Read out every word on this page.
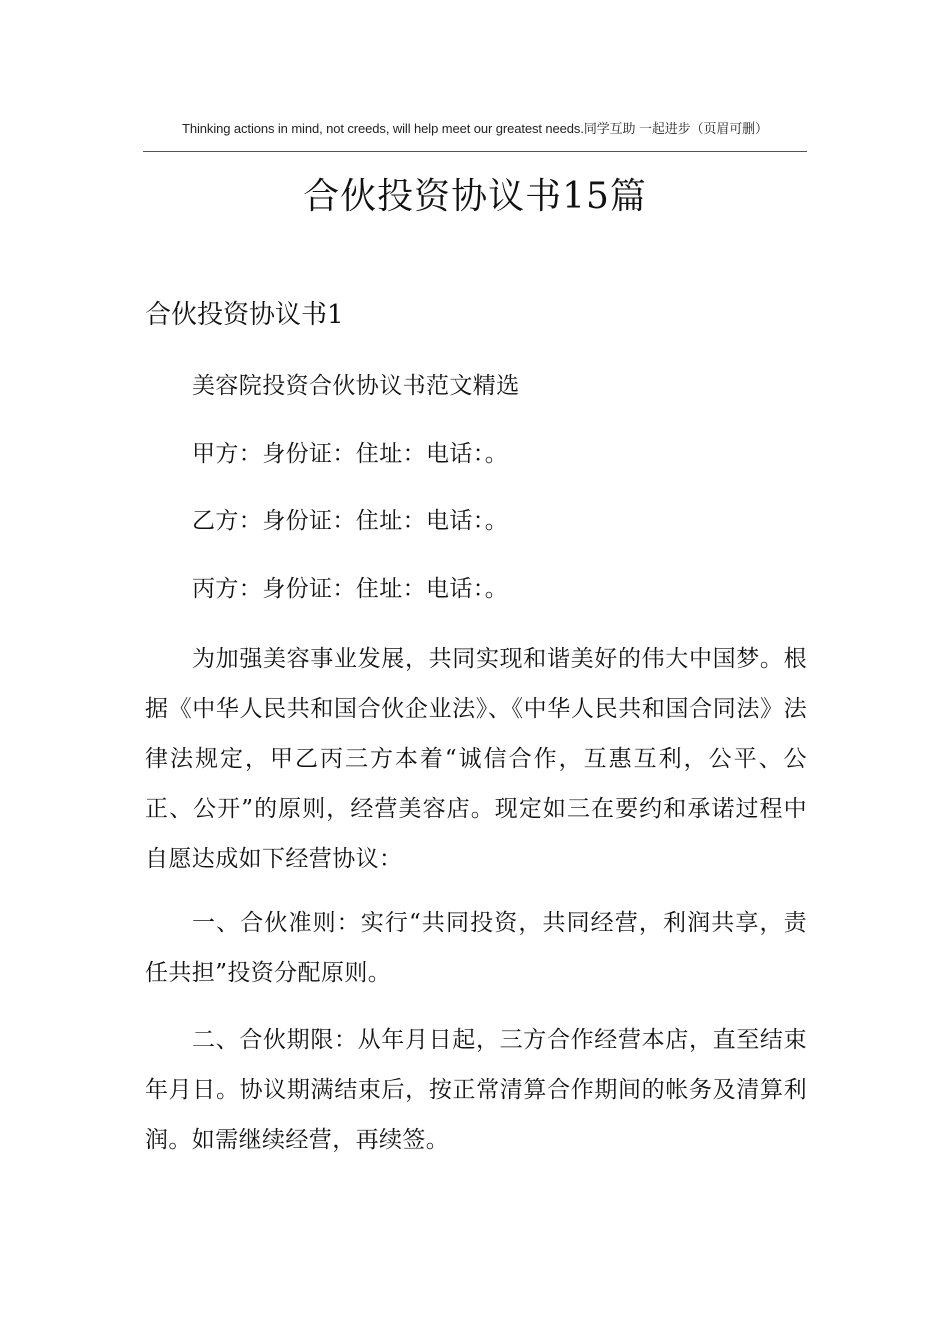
Thinking actions in mind, not creeds, will help meet our greatest needs.同学互助 一起进步（页眉可删）
合伙投资协议书15篇
合伙投资协议书1
美容院投资合伙协议书范文精选
甲方：身份证：住址：电话：。
乙方：身份证：住址：电话：。
丙方：身份证：住址：电话：。
为加强美容事业发展，共同实现和谐美好的伟大中国梦。根据《中华人民共和国合伙企业法》、《中华人民共和国合同法》法律法规定，甲乙丙三方本着“诚信合作，互惠互利，公平、公正、公开”的原则，经营美容店。现定如三在要约和承诺过程中自愿达成如下经营协议：
一、合伙准则：实行“共同投资，共同经营，利润共享，责任共担”投资分配原则。
二、合伙期限：从年月日起，三方合作经营本店，直至结束年月日。协议期满结束后，按正常清算合作期间的帐务及清算利润。如需继续经营，再续签。
